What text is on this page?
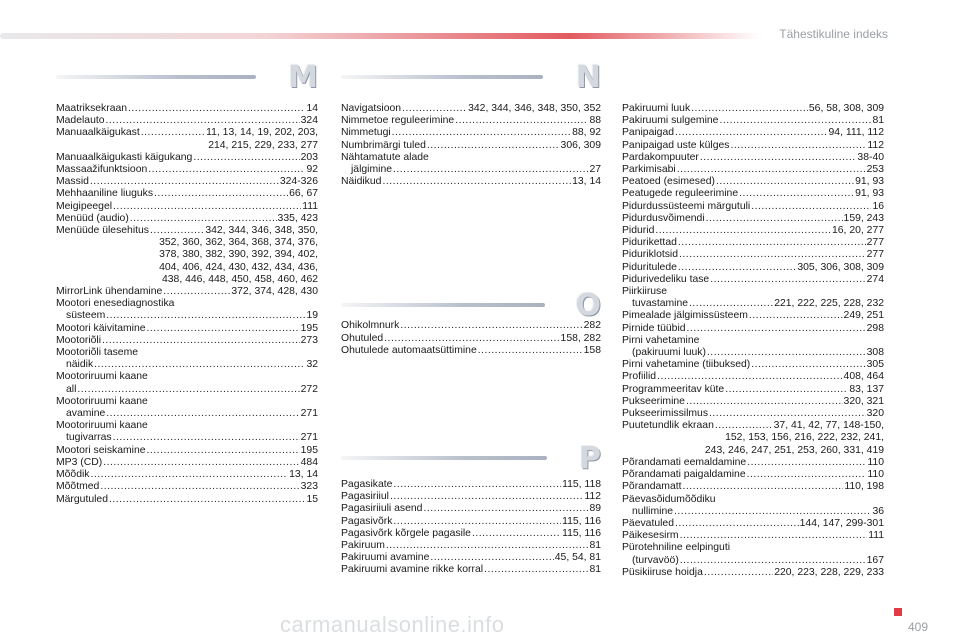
Tähestikuline indeks
M
Maatriksekraan .....	14
Madelauto .....	324
Manuaalkäigukast .....	11, 13, 14, 19, 202, 203,
214, 215, 229, 233, 277
Manuaalkäigukasti käigukang .....	203
Massaažifunktsioon .....	92
Massid .....	324-326
Mehhaaniline liuguks .....	66, 67
Meigipeegel .....	111
Menüüd (audio) .....	335, 423
Menüüde ülesehitus .....	342, 344, 346, 348, 350,
352, 360, 362, 364, 368, 374, 376,
378, 380, 382, 390, 392, 394, 402,
404, 406, 424, 430, 432, 434, 436,
438, 446, 448, 450, 458, 460, 462
MirrorLink ühendamine .....	372, 374, 428, 430
Mootori enesediagnostika
süsteem .....	19
Mootori käivitamine .....	195
Mootoriõli .....	273
Mootoriõli taseme
näidik .....	32
Mootoriruumi kaane
all .....	272
Mootoriruumi kaane
avamine .....	271
Mootoriruumi kaane
tugivarras .....	271
Mootori seiskamine .....	195
MP3 (CD) .....	484
Mõõdik .....	13, 14
Mõõtmed .....	323
Märgutuled .....	15
N
Navigatsioon .....	342, 344, 346, 348, 350, 352
Nimmetoe reguleerimine .....	88
Nimmetugi .....	88, 92
Numbrimärgi tuled .....	306, 309
Nähtamatute alade
jälgimine .....	27
Näidikud .....	13, 14
O
Ohikolmnurk .....	282
Ohutuled .....	158, 282
Ohutulede automaatsüttimine .....	158
P
Pagasikate .....	115, 118
Pagasiriiul .....	112
Pagasiriiuli asend .....	89
Pagasivõrk .....	115, 116
Pagasivõrk kõrgele pagasile .....	115, 116
Pakiruum .....	81
Pakiruumi avamine .....	45, 54, 81
Pakiruumi avamine rikke korral .....	81
Pakiruumi luuk .....	56, 58, 308, 309
Pakiruumi sulgemine .....	81
Panipaigad .....	94, 111, 112
Panipaigad uste külges .....	112
Pardakompuuter .....	38-40
Parkimisabi .....	253
Peatoed (esimesed) .....	91, 93
Peatugede reguleerimine .....	91, 93
Pidurdussüsteemi märgutuli .....	16
Pidurdusvõimendi .....	159, 243
Pidurid .....	16, 20, 277
Pidurikettad .....	277
Piduriklotsid .....	277
Piduritulede .....	305, 306, 308, 309
Pidurivedeliku tase .....	274
Piirkiiruse
tuvastamine .....	221, 222, 225, 228, 232
Pimealade jälgimissüsteem .....	249, 251
Pirnide tüübid .....	298
Pirni vahetamine
(pakiruumi luuk) .....	308
Pirni vahetamine (tiibuksed) .....	305
Profiilid .....	408, 464
Programmeeritav küte .....	83, 137
Pukseerimine .....	320, 321
Pukseerimissilmus .....	320
Puutetundlik ekraan .....	37, 41, 42, 77, 148-150,
152, 153, 156, 216, 222, 232, 241,
243, 246, 247, 251, 253, 260, 331, 419
Põrandamati eemaldamine .....	110
Põrandamati paigaldamine .....	110
Põrandamatt .....	110, 198
Päevasõidumõõdiku
nullimine .....	36
Päevatuled .....	144, 147, 299-301
Päikesesirm .....	111
Pürotehniline eelpinguti
(turvavöö) .....	167
Püsikiiruse hoidja .....	220, 223, 228, 229, 233
409
carmanualsonline.info
